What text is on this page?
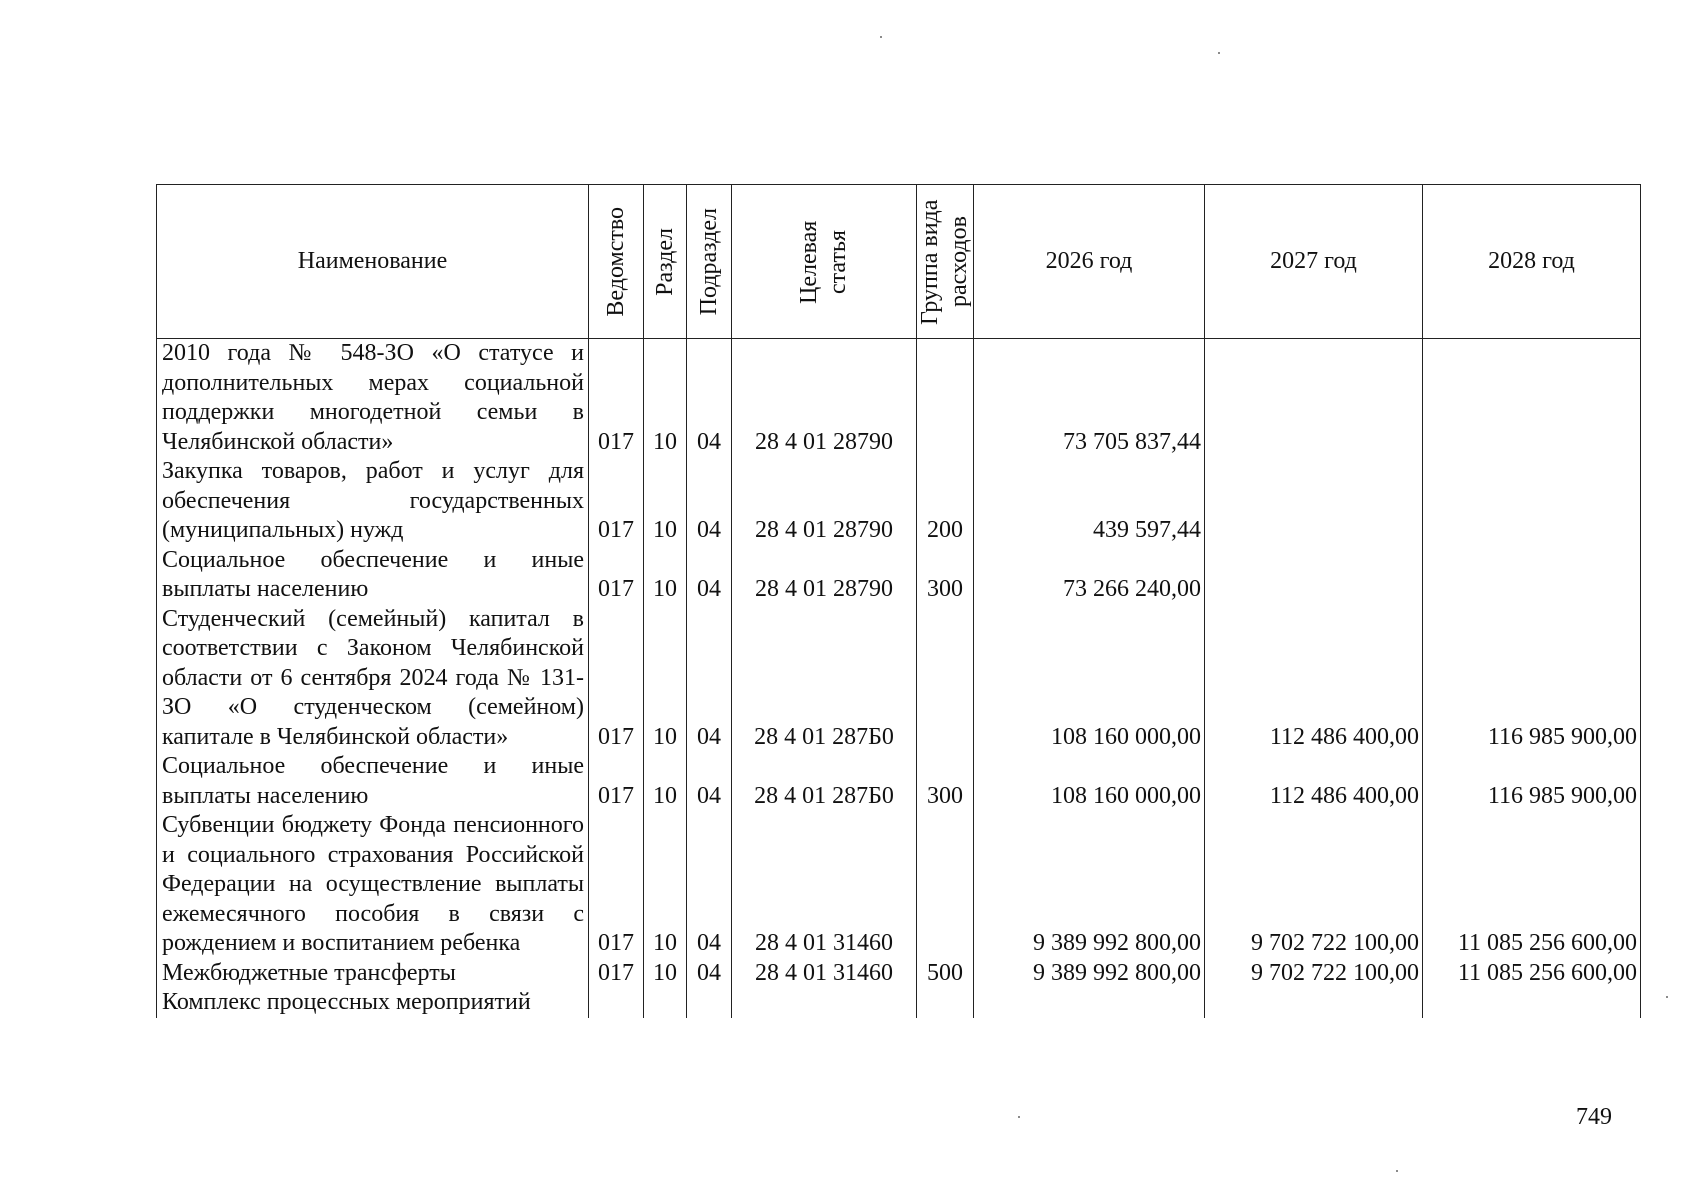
Наименование	Ведомство	Раздел	Подраздел	Целевая статья	Группа вида расходов	2026 год	2027 год	2028 год
2010 года № 548-ЗО «О статусе и дополнительных мерах социальной поддержки многодетной семьи в Челябинской области»	017	10	04	28 4 01 28790		73 705 837,44		
Закупка товаров, работ и услуг для обеспечения государственных (муниципальных) нужд	017	10	04	28 4 01 28790	200	439 597,44		
Социальное обеспечение и иные выплаты населению	017	10	04	28 4 01 28790	300	73 266 240,00		
Студенческий (семейный) капитал в соответствии с Законом Челябинской области от 6 сентября 2024 года № 131-ЗО «О студенческом (семейном) капитале в Челябинской области»	017	10	04	28 4 01 287Б0		108 160 000,00	112 486 400,00	116 985 900,00
Социальное обеспечение и иные выплаты населению	017	10	04	28 4 01 287Б0	300	108 160 000,00	112 486 400,00	116 985 900,00
Субвенции бюджету Фонда пенсионного и социального страхования Российской Федерации на осуществление выплаты ежемесячного пособия в связи с рождением и воспитанием ребенка	017	10	04	28 4 01 31460		9 389 992 800,00	9 702 722 100,00	11 085 256 600,00
Межбюджетные трансферты	017	10	04	28 4 01 31460	500	9 389 992 800,00	9 702 722 100,00	11 085 256 600,00
Комплекс процессных мероприятий								
749
